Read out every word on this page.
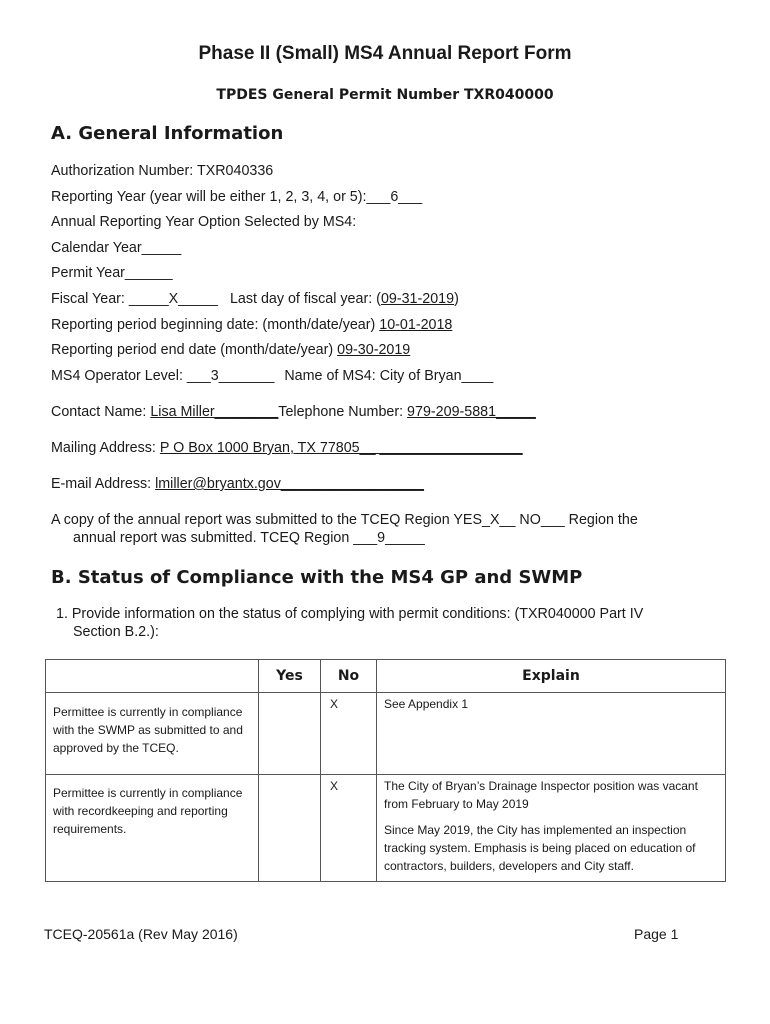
Phase II (Small) MS4 Annual Report Form
TPDES General Permit Number TXR040000
A. General Information
Authorization Number: TXR040336
Reporting Year (year will be either 1, 2, 3, 4, or 5):___6___
Annual Reporting Year Option Selected by MS4:
Calendar Year_____
Permit Year______
Fiscal Year: _____X_____ Last day of fiscal year: (09-31-2019)
Reporting period beginning date: (month/date/year) 10-01-2018
Reporting period end date (month/date/year) 09-30-2019
MS4 Operator Level: ___3_______ Name of MS4: City of Bryan____
Contact Name: Lisa Miller________Telephone Number: 979-209-5881_____
Mailing Address: P O Box 1000 Bryan, TX 77805__ __________________
E-mail Address: lmiller@bryantx.gov__________________
A copy of the annual report was submitted to the TCEQ Region YES_X__ NO___ Region the
annual report was submitted. TCEQ Region ___9_____
B. Status of Compliance with the MS4 GP and SWMP
1. Provide information on the status of complying with permit conditions: (TXR040000 Part IV
Section B.2.):
	Yes	No	Explain

Permittee is currently in compliance with the SWMP as submitted to and approved by the TCEQ.		X	See Appendix 1

Permittee is currently in compliance with recordkeeping and reporting requirements.		X	The City of Bryan’s Drainage Inspector position was vacant from February to May 2019
Since May 2019, the City has implemented an inspection tracking system. Emphasis is being placed on education of contractors, builders, developers and City staff.
TCEQ-20561a (Rev May 2016)	Page 1
